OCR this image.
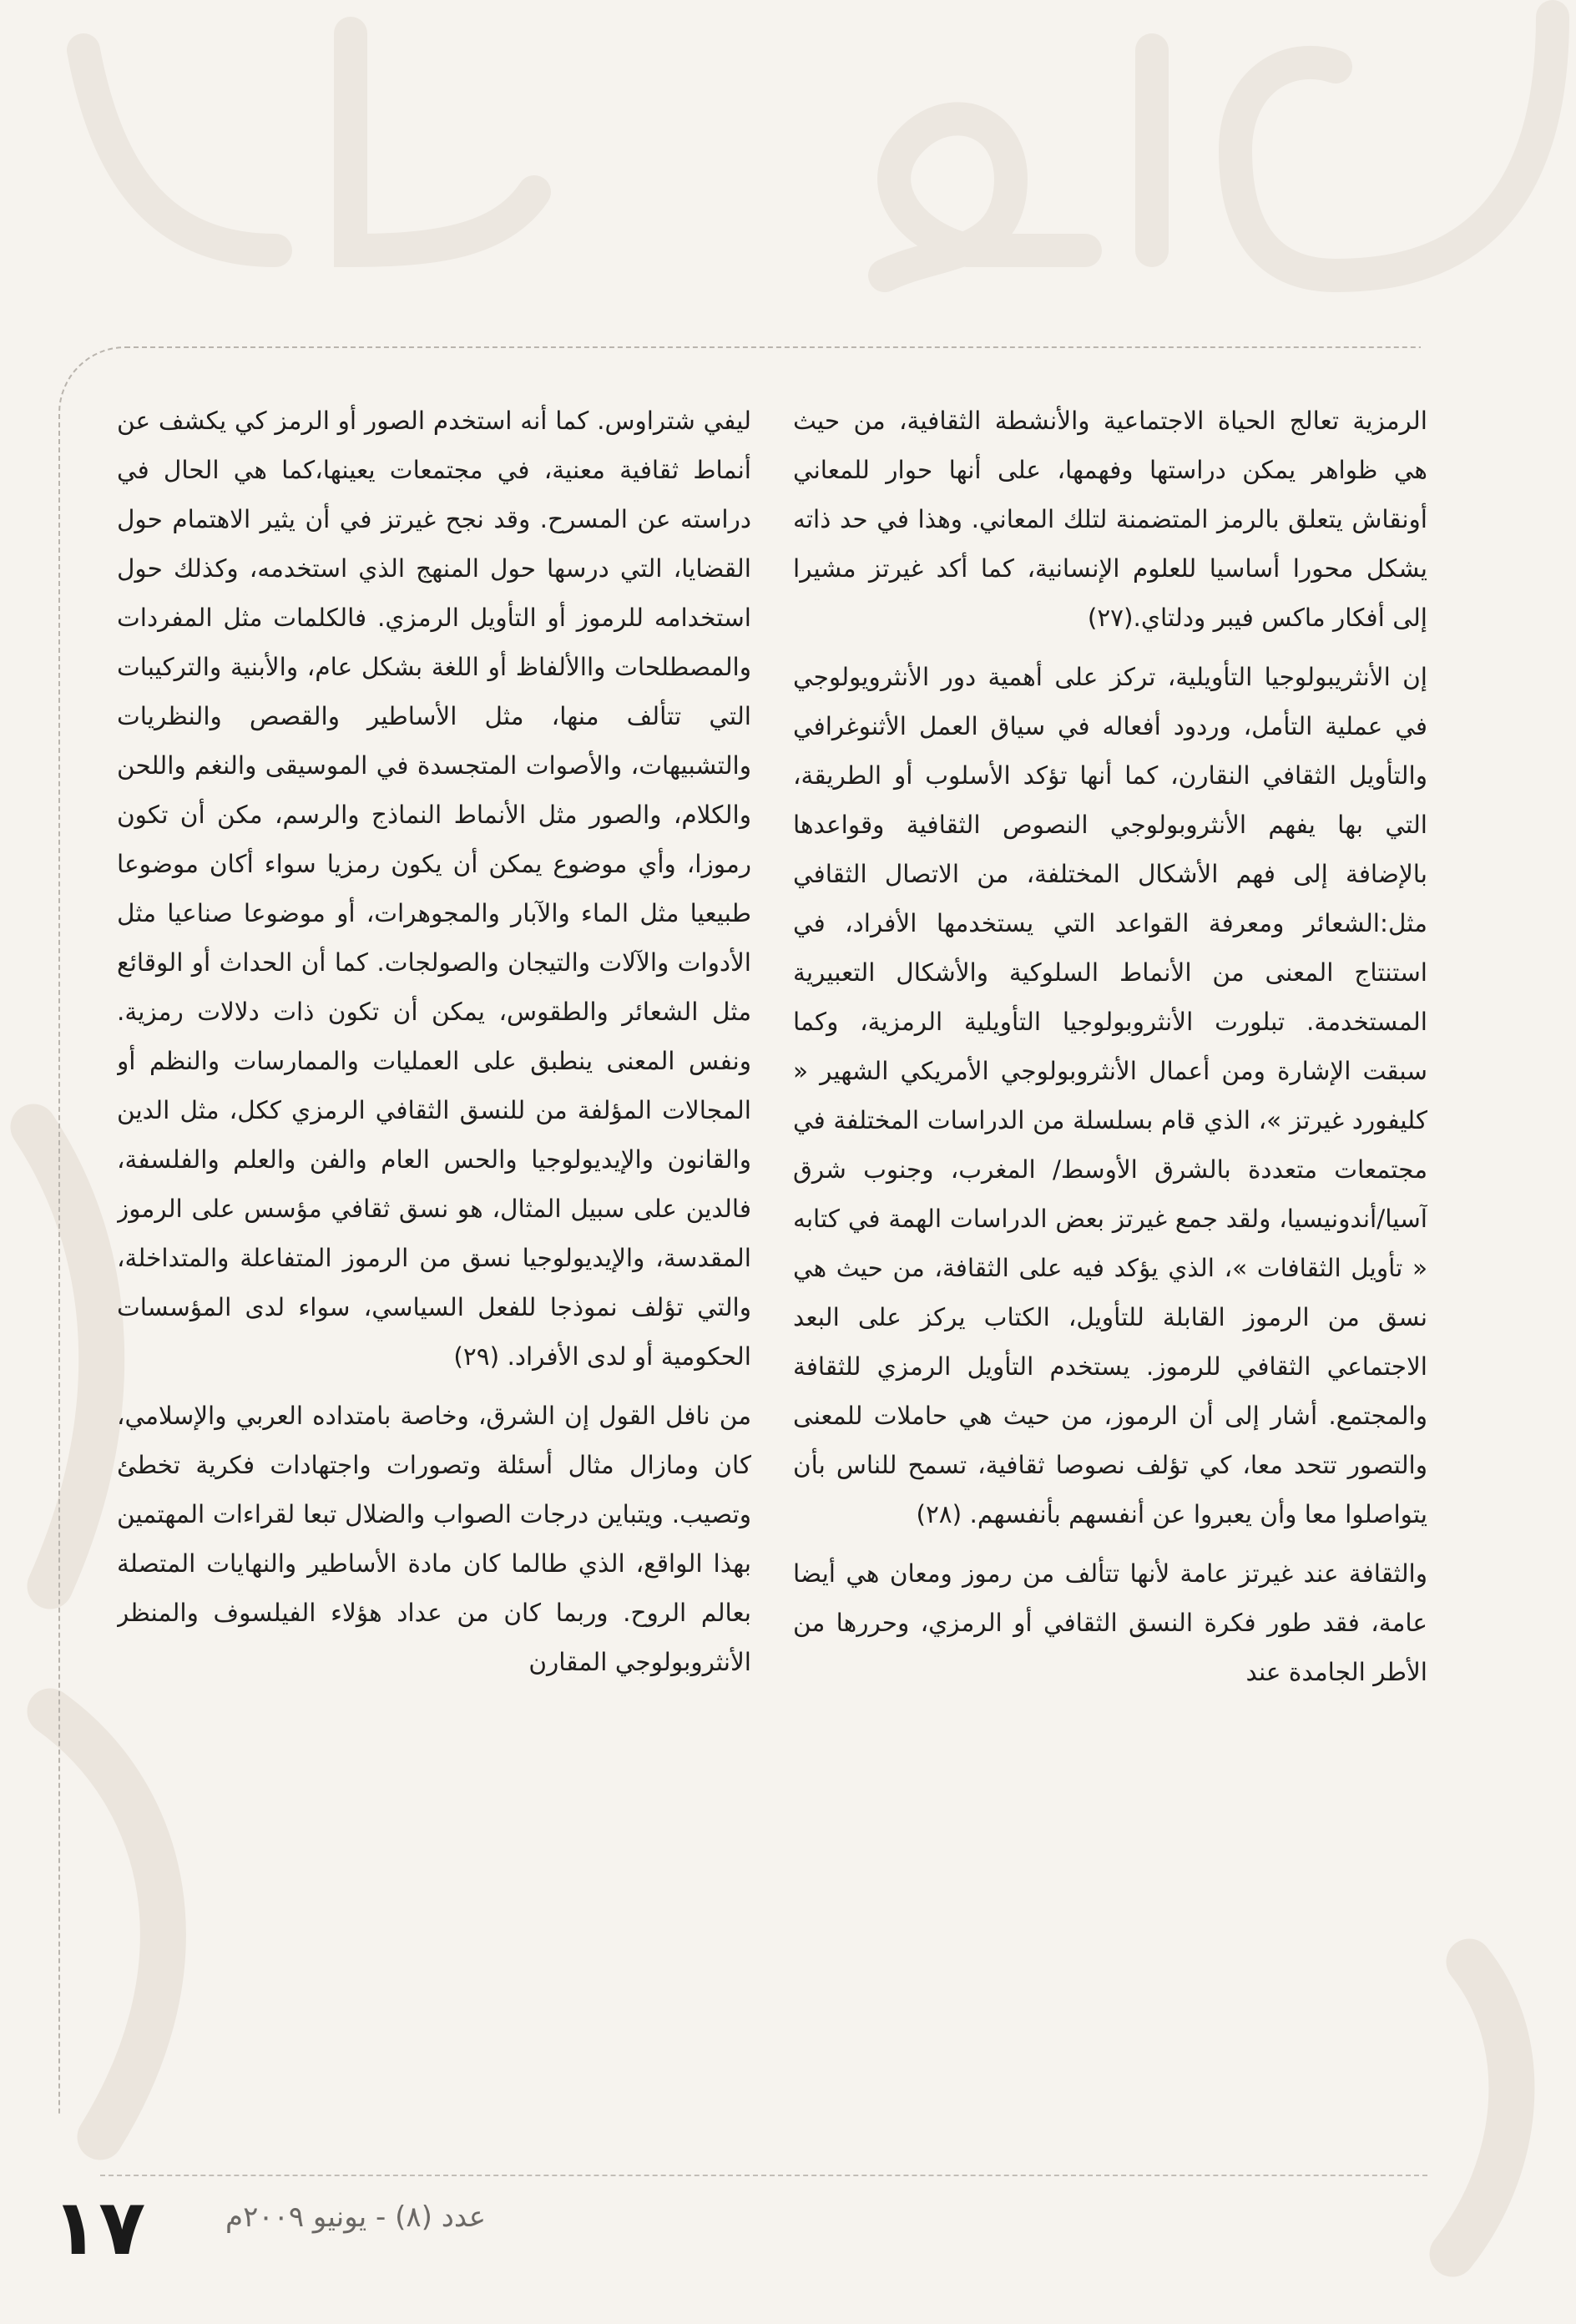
الرمزية تعالج الحياة الاجتماعية والأنشطة الثقافية، من حيث هي ظواهر يمكن دراستها وفهمها، على أنها حوار للمعاني أونقاش يتعلق بالرمز المتضمنة لتلك المعاني. وهذا في حد ذاته يشكل محورا أساسيا للعلوم الإنسانية، كما أكد غيرتز مشيرا إلى أفكار ماكس فيبر ودلتاي.(٢٧)

إن الأنثريبولوجيا التأويلية، تركز على أهمية دور الأنثرويولوجي في عملية التأمل، وردود أفعاله في سياق العمل الأثنوغرافي والتأويل الثقافي النقارن، كما أنها تؤكد الأسلوب أو الطريقة، التي بها يفهم الأنثروبولوجي النصوص الثقافية وقواعدها بالإضافة إلى فهم الأشكال المختلفة، من الاتصال الثقافي مثل:الشعائر ومعرفة القواعد التي يستخدمها الأفراد، في استنتاج المعنى من الأنماط السلوكية والأشكال التعبيرية المستخدمة. تبلورت الأنثروبولوجيا التأويلية الرمزية، وكما سبقت الإشارة ومن أعمال الأنثروبولوجي الأمريكي الشهير « كليفورد غيرتز »، الذي قام بسلسلة من الدراسات المختلفة في مجتمعات متعددة بالشرق الأوسط/ المغرب، وجنوب شرق آسيا/أندونيسيا، ولقد جمع غيرتز بعض الدراسات الهمة في كتابه « تأويل الثقافات »، الذي يؤكد فيه على الثقافة، من حيث هي نسق من الرموز القابلة للتأويل، الكتاب يركز على البعد الاجتماعي الثقافي للرموز. يستخدم التأويل الرمزي للثقافة والمجتمع. أشار إلى أن الرموز، من حيث هي حاملات للمعنى والتصور تتحد معا، كي تؤلف نصوصا ثقافية، تسمح للناس بأن يتواصلوا معا وأن يعبروا عن أنفسهم بأنفسهم. (٢٨)

والثقافة عند غيرتز عامة لأنها تتألف من رموز ومعان هي أيضا عامة، فقد طور فكرة النسق الثقافي أو الرمزي، وحررها من الأطر الجامدة عند

ليفي شتراوس. كما أنه استخدم الصور أو الرمز كي يكشف عن أنماط ثقافية معنية، في مجتمعات يعينها،كما هي الحال في دراسته عن المسرح. وقد نجح غيرتز في أن يثير الاهتمام حول القضايا، التي درسها حول المنهج الذي استخدمه، وكذلك حول استخدامه للرموز أو التأويل الرمزي. فالكلمات مثل المفردات والمصطلحات واالألفاظ أو اللغة بشكل عام، والأبنية والتركيبات التي تتألف منها، مثل الأساطير والقصص والنظريات والتشبيهات، والأصوات المتجسدة في الموسيقى والنغم واللحن والكلام، والصور مثل الأنماط النماذج والرسم، مكن أن تكون رموزا، وأي موضوع يمكن أن يكون رمزيا سواء أكان موضوعا طبيعيا مثل الماء والآبار والمجوهرات، أو موضوعا صناعيا مثل الأدوات والآلات والتيجان والصولجات. كما أن الحداث أو الوقائع مثل الشعائر والطقوس، يمكن أن تكون ذات دلالات رمزية. ونفس المعنى ينطبق على العمليات والممارسات والنظم أو المجالات المؤلفة من للنسق الثقافي الرمزي ككل، مثل الدين والقانون والإيديولوجيا والحس العام والفن والعلم والفلسفة، فالدين على سبيل المثال، هو نسق ثقافي مؤسس على الرموز المقدسة، والإيديولوجيا نسق من الرموز المتفاعلة والمتداخلة، والتي تؤلف نموذجا للفعل السياسي، سواء لدى المؤسسات الحكومية أو لدى الأفراد. (٢٩)

من نافل القول إن الشرق، وخاصة بامتداده العربي والإسلامي، كان ومازال مثال أسئلة وتصورات واجتهادات فكرية تخطئ وتصيب. ويتباين درجات الصواب والضلال تبعا لقراءات المهتمين بهذا الواقع، الذي طالما كان مادة الأساطير والنهايات المتصلة بعالم الروح. وربما كان من عداد هؤلاء الفيلسوف والمنظر الأنثروبولوجي المقارن

عدد (٨) - يونيو ٢٠٠٩م
١٧
